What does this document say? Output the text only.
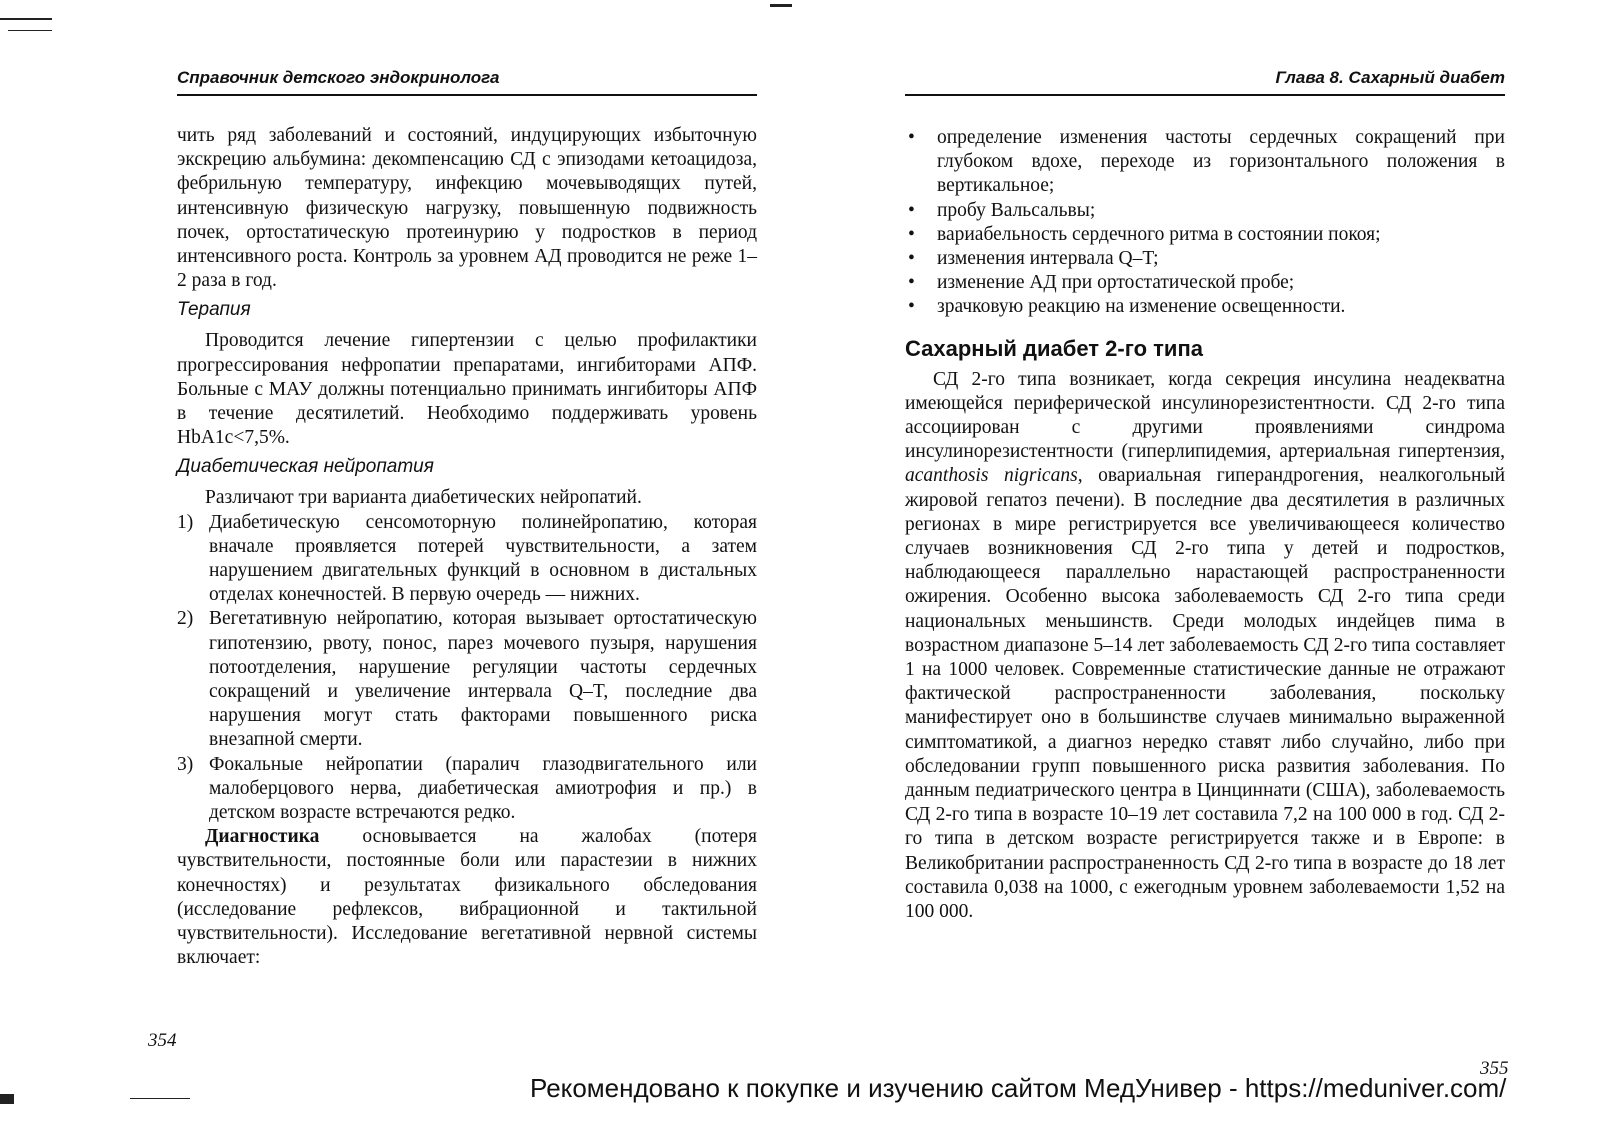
Справочник детского эндокринолога

чить ряд заболеваний и состояний, индуцирующих избыточную экскрецию альбумина: декомпенсацию СД с эпизодами кетоацидоза, фебрильную температуру, инфекцию мочевыводящих путей, интенсивную физическую нагрузку, повышенную подвижность почек, ортостатическую протеинурию у подростков в период интенсивного роста. Контроль за уровнем АД проводится не реже 1–2 раза в год.

Терапия

Проводится лечение гипертензии с целью профилактики прогрессирования нефропатии препаратами, ингибиторами АПФ. Больные с МАУ должны потенциально принимать ингибиторы АПФ в течение десятилетий. Необходимо поддерживать уровень HbA1c<7,5%.

Диабетическая нейропатия

Различают три варианта диабетических нейропатий.

1) Диабетическую сенсомоторную полинейропатию, которая вначале проявляется потерей чувствительности, а затем нарушением двигательных функций в основном в дистальных отделах конечностей. В первую очередь — нижних.
2) Вегетативную нейропатию, которая вызывает ортостатическую гипотензию, рвоту, понос, парез мочевого пузыря, нарушения потоотделения, нарушение регуляции частоты сердечных сокращений и увеличение интервала Q–T, последние два нарушения могут стать факторами повышенного риска внезапной смерти.
3) Фокальные нейропатии (паралич глазодвигательного или малоберцового нерва, диабетическая амиотрофия и пр.) в детском возрасте встречаются редко.

Диагностика основывается на жалобах (потеря чувствительности, постоянные боли или парастезии в нижних конечностях) и результатах физикального обследования (исследование рефлексов, вибрационной и тактильной чувствительности). Исследование вегетативной нервной системы включает:

354
Глава 8. Сахарный диабет
• определение изменения частоты сердечных сокращений при глубоком вдохе, переходе из горизонтального положения в вертикальное;
• пробу Вальсальвы;
• вариабельность сердечного ритма в состоянии покоя;
• изменения интервала Q–T;
• изменение АД при ортостатической пробе;
• зрачковую реакцию на изменение освещенности.
Сахарный диабет 2-го типа

СД 2-го типа возникает, когда секреция инсулина неадекватна имеющейся периферической инсулинорезистентности. СД 2-го типа ассоциирован с другими проявлениями синдрома инсулинорезистентности (гиперлипидемия, артериальная гипертензия, acanthosis nigricans, овариальная гиперандрогения, неалкогольный жировой гепатоз печени). В последние два десятилетия в различных регионах в мире регистрируется все увеличивающееся количество случаев возникновения СД 2-го типа у детей и подростков, наблюдающееся параллельно нарастающей распространенности ожирения. Особенно высока заболеваемость СД 2-го типа среди национальных меньшинств. Среди молодых индейцев пима в возрастном диапазоне 5–14 лет заболеваемость СД 2-го типа составляет 1 на 1000 человек. Современные статистические данные не отражают фактической распространенности заболевания, поскольку манифестирует оно в большинстве случаев минимально выраженной симптоматикой, а диагноз нередко ставят либо случайно, либо при обследовании групп повышенного риска развития заболевания. По данным педиатрического центра в Цинциннати (США), заболеваемость СД 2-го типа в возрасте 10–19 лет составила 7,2 на 100 000 в год. СД 2-го типа в детском возрасте регистрируется также и в Европе: в Великобритании распространенность СД 2-го типа в возрасте до 18 лет составила 0,038 на 1000, с ежегодным уровнем заболеваемости 1,52 на 100 000.

355
Рекомендовано к покупке и изучению сайтом МедУнивер - https://meduniver.com/
